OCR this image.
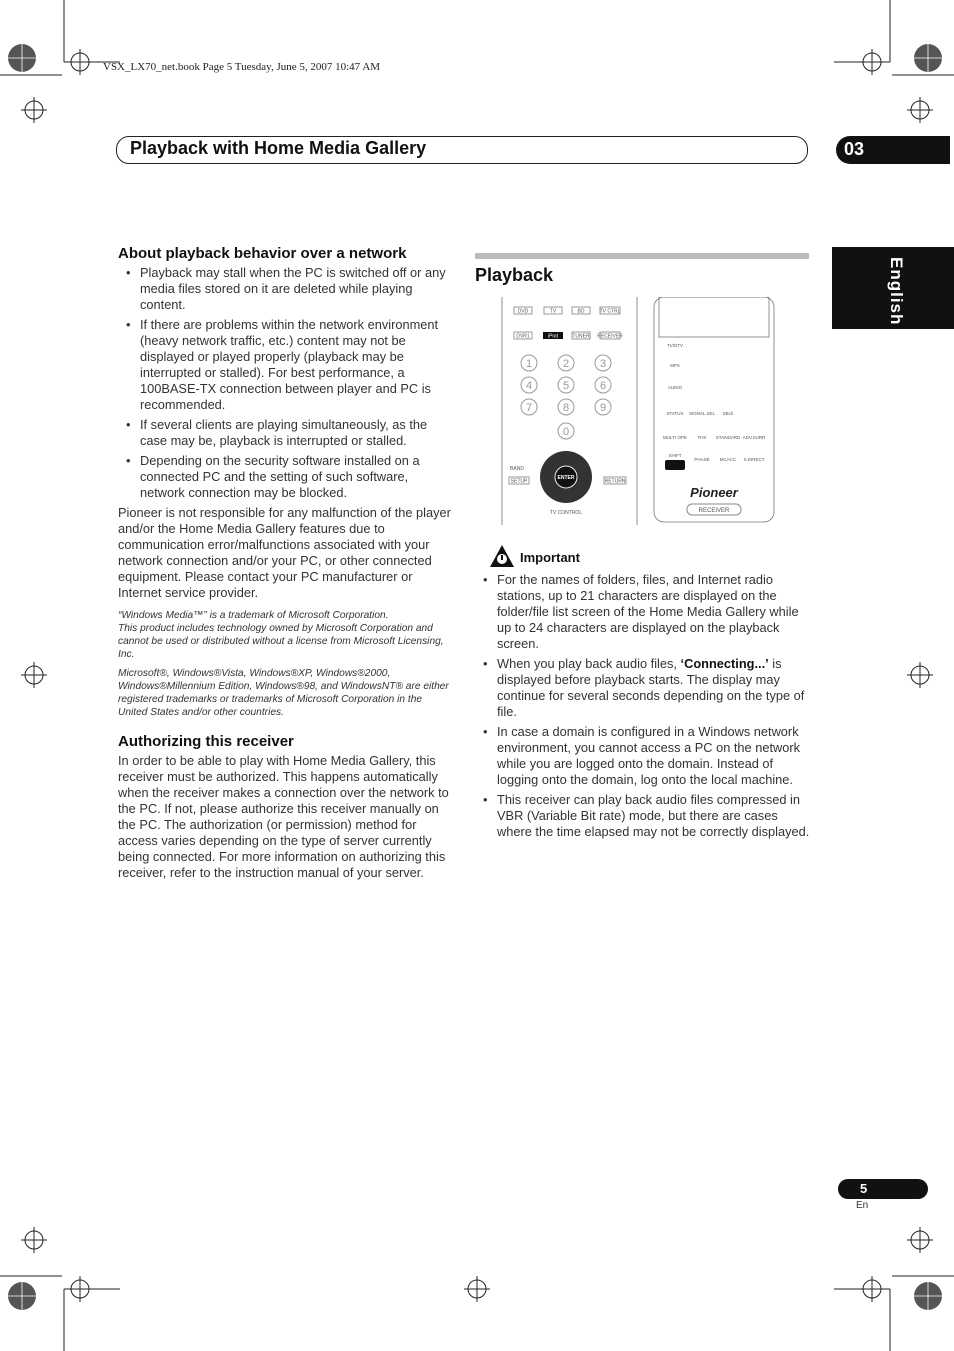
VSX_LX70_net.book Page 5 Tuesday, June 5, 2007 10:47 AM
Playback with Home Media Gallery	03
English
About playback behavior over a network
• Playback may stall when the PC is switched off or any media files stored on it are deleted while playing content.
• If there are problems within the network environment (heavy network traffic, etc.) content may not be displayed or played properly (playback may be interrupted or stalled). For best performance, a 100BASE-TX connection between player and PC is recommended.
• If several clients are playing simultaneously, as the case may be, playback is interrupted or stalled.
• Depending on the security software installed on a connected PC and the setting of such software, network connection may be blocked.

Pioneer is not responsible for any malfunction of the player and/or the Home Media Gallery features due to communication error/malfunctions associated with your network connection and/or your PC, or other connected equipment. Please contact your PC manufacturer or Internet service provider.

“Windows Media™” is a trademark of Microsoft Corporation.

This product includes technology owned by Microsoft Corporation and cannot be used or distributed without a license from Microsoft Licensing, Inc.

Microsoft®, Windows®Vista, Windows®XP, Windows®2000, Windows®Millennium Edition, Windows®98, and WindowsNT® are either registered trademarks or trademarks of Microsoft Corporation in the United States and/or other countries.

Authorizing this receiver

In order to be able to play with Home Media Gallery, this receiver must be authorized. This happens automatically when the receiver makes a connection over the network to the PC. If not, please authorize this receiver manually on the PC. The authorization (or permission) method for access varies depending on the type of server currently being connected. For more information on authorizing this receiver, refer to the instruction manual of your server.

Playback
DVD	TV	BD	TV CTRL
DVR1	iPod	TUNER RECEIVER
1	2	3
4	5	6
7	8	9
0
ENTER
SETUP	RETURN
BAND
TV CONTROL
TV/DTV
MPX
AUDIO
STATUS SIGNAL SEL SBch
SHIFT
PHASE MCACC S.DIRECT
THX STANDARD ADV.SURR
MULTI OPE
Pioneer
RECEIVER
Important
• For the names of folders, files, and Internet radio stations, up to 21 characters are displayed on the folder/file list screen of the Home Media Gallery while up to 24 characters are displayed on the playback screen.
• When you play back audio files, ‘Connecting...’ is displayed before playback starts. The display may continue for several seconds depending on the type of file.
• In case a domain is configured in a Windows network environment, you cannot access a PC on the network while you are logged onto the domain. Instead of logging onto the domain, log onto the local machine.
• This receiver can play back audio files compressed in VBR (Variable Bit rate) mode, but there are cases where the time elapsed may not be correctly displayed.
5
En
